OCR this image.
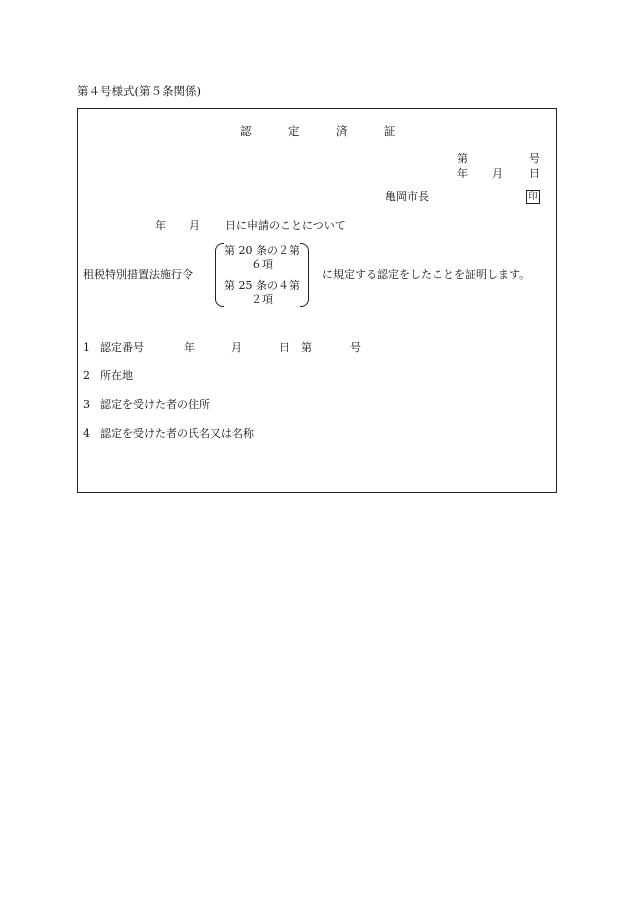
第４号様式(第５条関係)
認	定	済	証
第	号
年 月 日
亀岡市長	印
年 月 日に申請のことについて
租税特別措置法施行令
第 20 条の２第
６項
第 25 条の４第
２項
に規定する認定をしたことを証明します。
1 認定番号	年	月	日　第	号
2 所在地
3 認定を受けた者の住所
4 認定を受けた者の氏名又は名称
